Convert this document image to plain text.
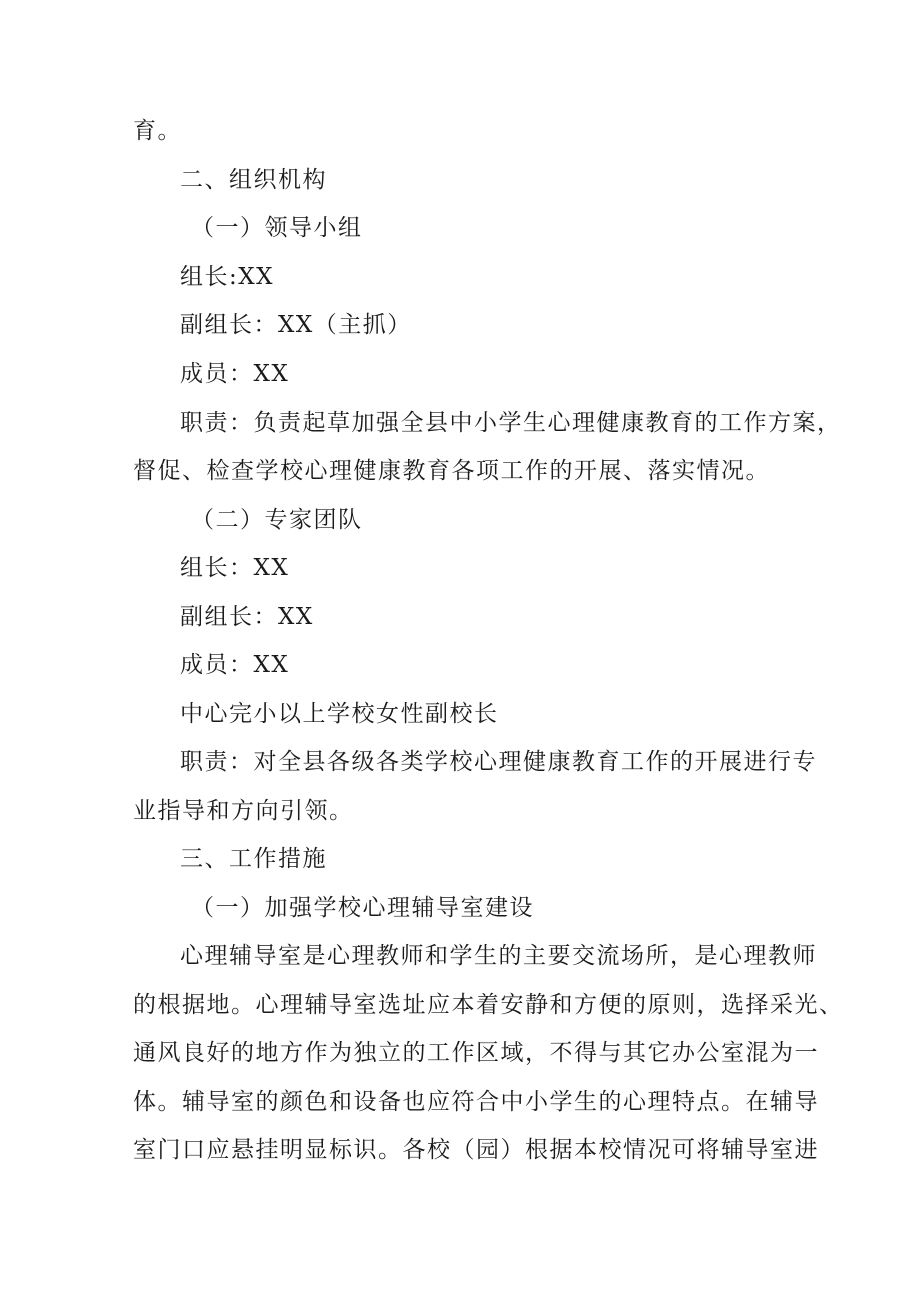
育。
二、组织机构
（一）领导小组
组长:XX
副组长：XX（主抓）
成员：XX
职责：负责起草加强全县中小学生心理健康教育的工作方案，
督促、检查学校心理健康教育各项工作的开展、落实情况。
（二）专家团队
组长：XX
副组长：XX
成员：XX
中心完小以上学校女性副校长
职责：对全县各级各类学校心理健康教育工作的开展进行专
业指导和方向引领。
三、工作措施
（一）加强学校心理辅导室建设
心理辅导室是心理教师和学生的主要交流场所，是心理教师
的根据地。心理辅导室选址应本着安静和方便的原则，选择采光、
通风良好的地方作为独立的工作区域，不得与其它办公室混为一
体。辅导室的颜色和设备也应符合中小学生的心理特点。在辅导
室门口应悬挂明显标识。各校（园）根据本校情况可将辅导室进
